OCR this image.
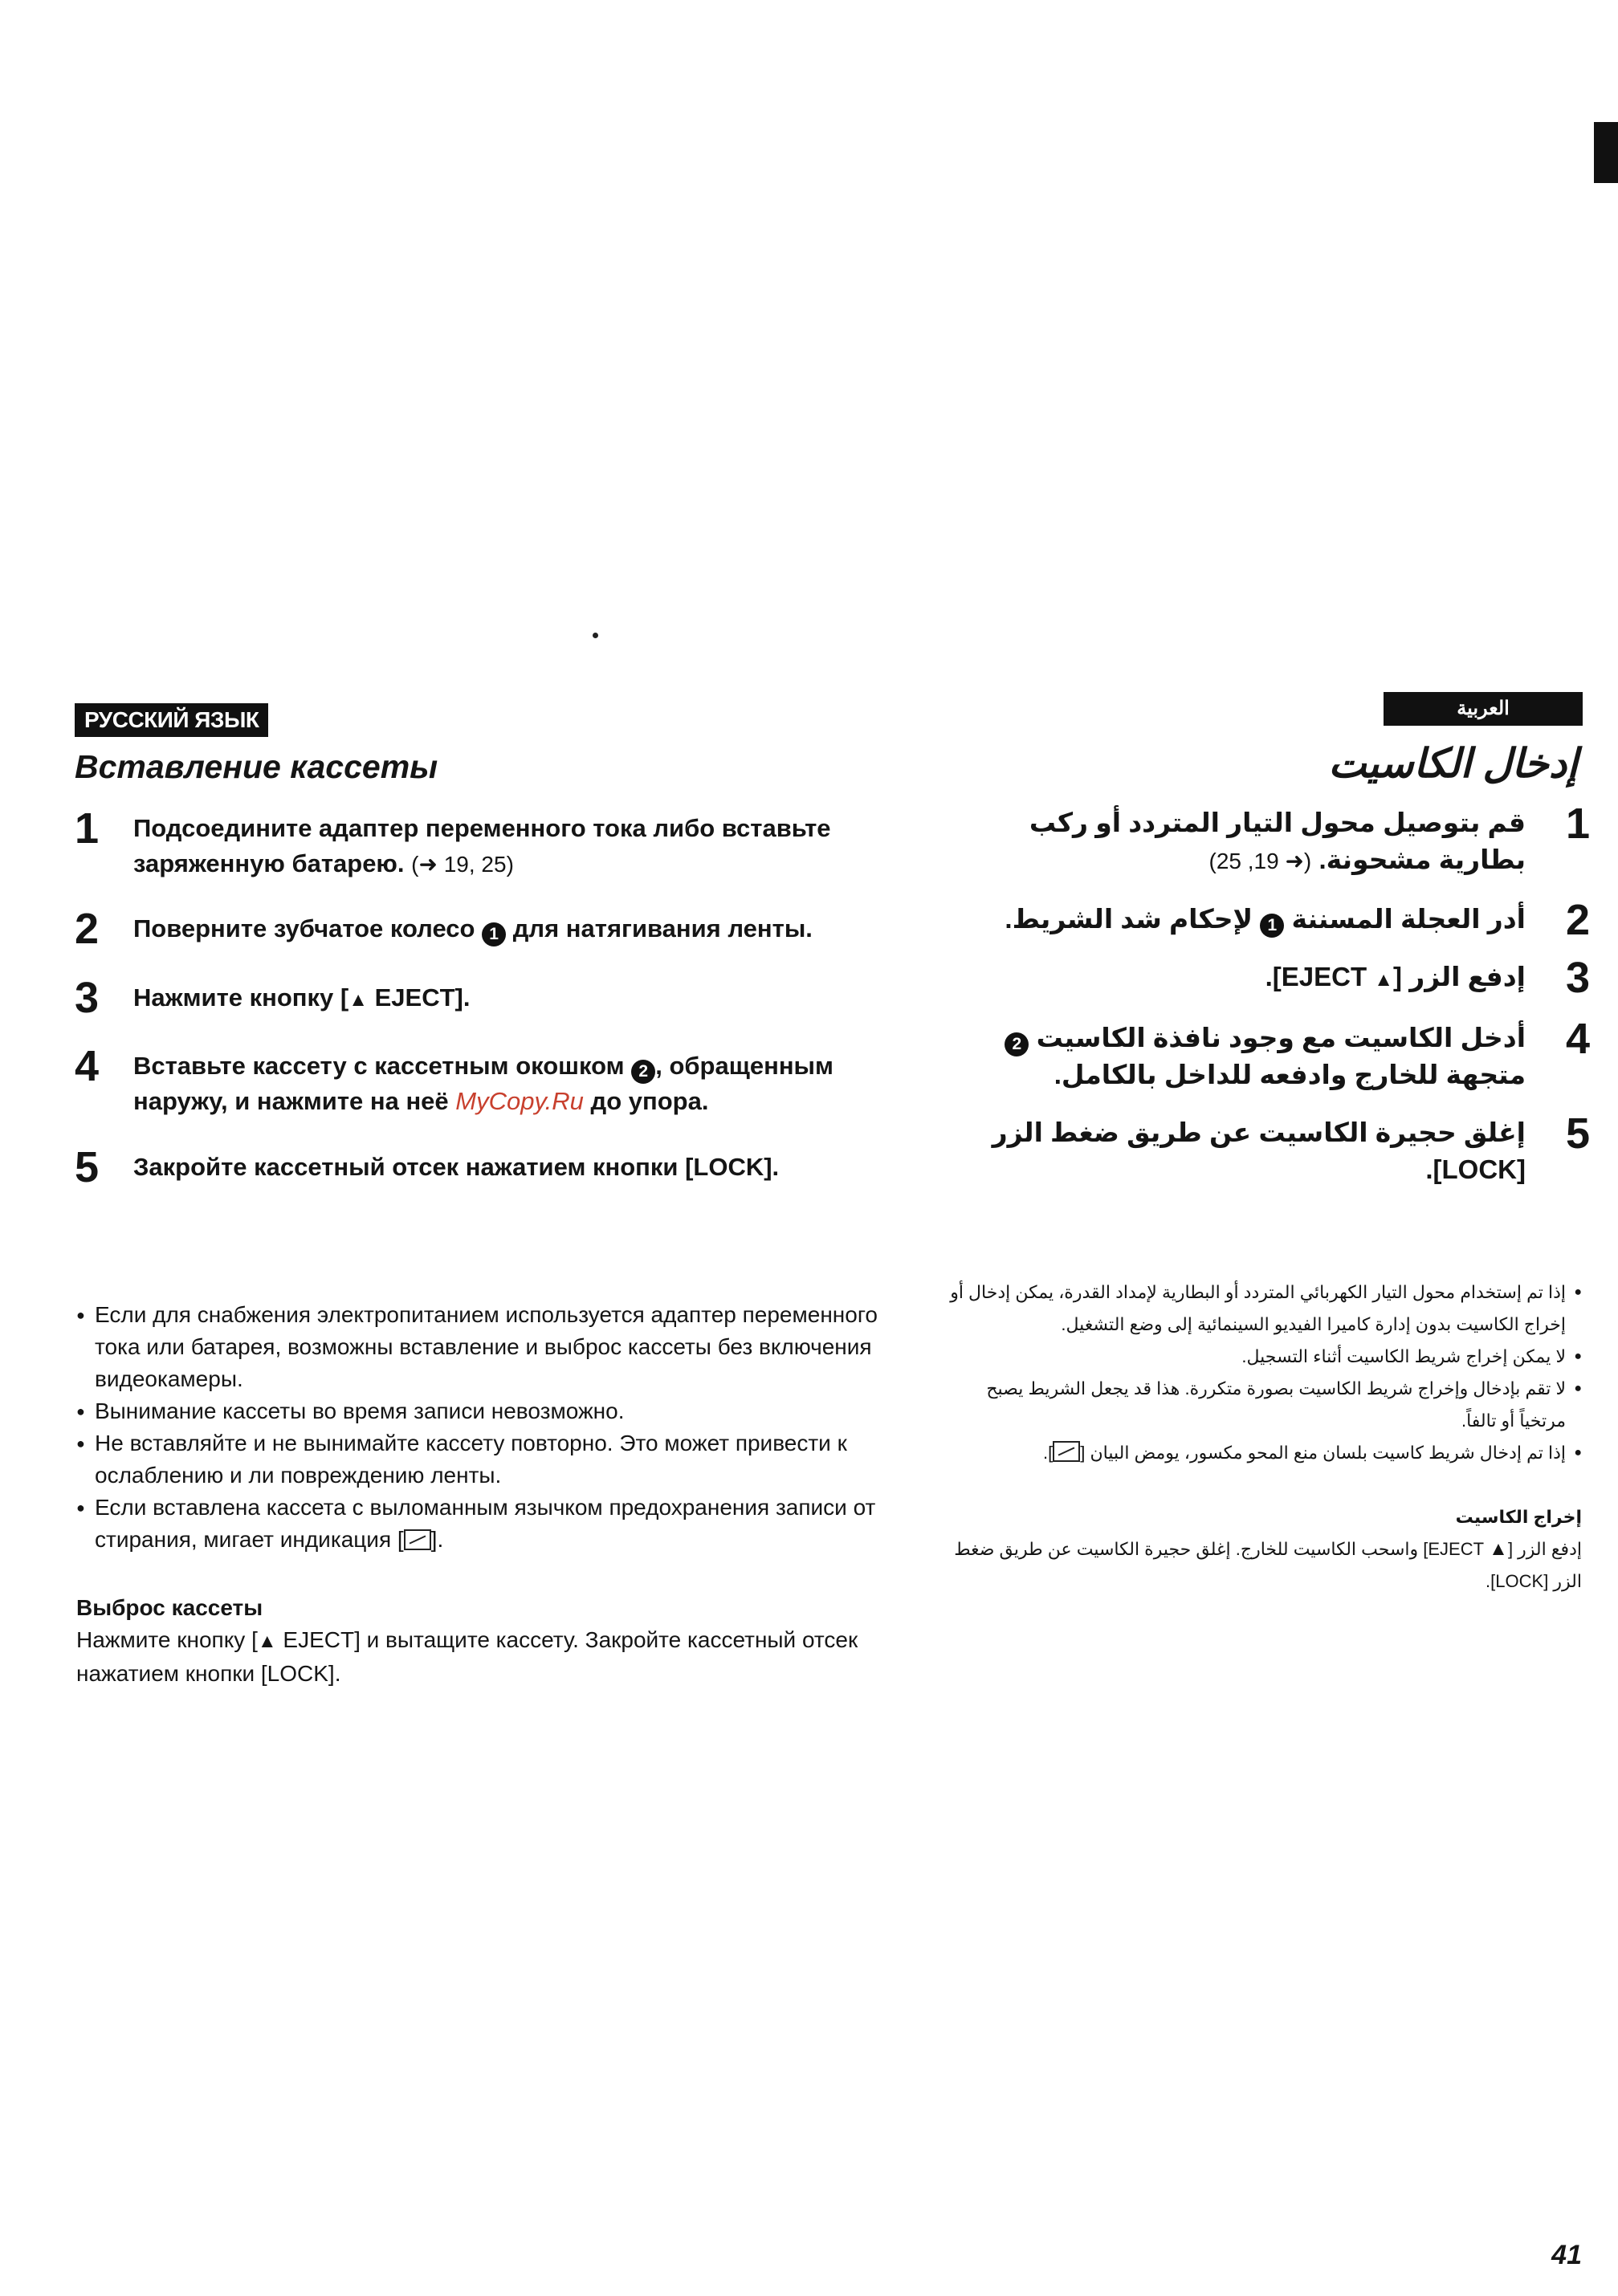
РУССКИЙ ЯЗЫК
Вставление кассеты
1 Подсоедините адаптер переменного тока либо вставьте заряженную батарею. (➜ 19, 25)
2 Поверните зубчатое колесо 1 для натягивания ленты.
3 Нажмите кнопку [▲ EJECT].
4 Вставьте кассету с кассетным окошком 2 , обращенным наружу, и нажмите на неё MyCopy.Ru до упора.
5 Закройте кассетный отсек нажатием кнопки [LOCK].
● Если для снабжения электропитанием используется адаптер переменного тока или батарея, возможны вставление и выброс кассеты без включения видеокамеры.
● Вынимание кассеты во время записи невозможно.
● Не вставляйте и не вынимайте кассету повторно. Это может привести к ослаблению и ли повреждению ленты.
● Если вставлена кассета с выломанным язычком предохранения записи от стирания, мигает индикация [ ].
Выброс кассеты
Нажмите кнопку [▲ EJECT] и вытащите кассету. Закройте кассетный отсек нажатием кнопки [LOCK].
العربية
إدخال الكاسيت
1
قم بتوصيل محول التيار المتردد أو ركب بطارية مشحونة. (➜ 19, 25)
2
أدر العجلة المسننة 1 لإحكام شد الشريط.
3
إدفع الزر [▲ EJECT].
4
أدخل الكاسيت مع وجود نافذة الكاسيت 2 متجهة للخارج وادفعه للداخل بالكامل.
5
إغلق حجيرة الكاسيت عن طريق ضغط الزر [LOCK].
● إذا تم إستخدام محول التيار الكهربائي المتردد أو البطارية لإمداد القدرة، يمكن إدخال أو إخراج الكاسيت بدون إدارة كاميرا الفيديو السينمائية إلى وضع التشغيل.
● لا يمكن إخراج شريط الكاسيت أثناء التسجيل.
● لا تقم بإدخال وإخراج شريط الكاسيت بصورة متكررة. هذا قد يجعل الشريط يصبح مرتخياً أو تالفاً.
● إذا تم إدخال شريط كاسيت بلسان منع المحو مكسور، يومض البيان [].
إخراج الكاسيت
إدفع الزر [▲ EJECT] واسحب الكاسيت للخارج. إغلق حجيرة الكاسيت عن طريق ضغط الزر [LOCK].

41
